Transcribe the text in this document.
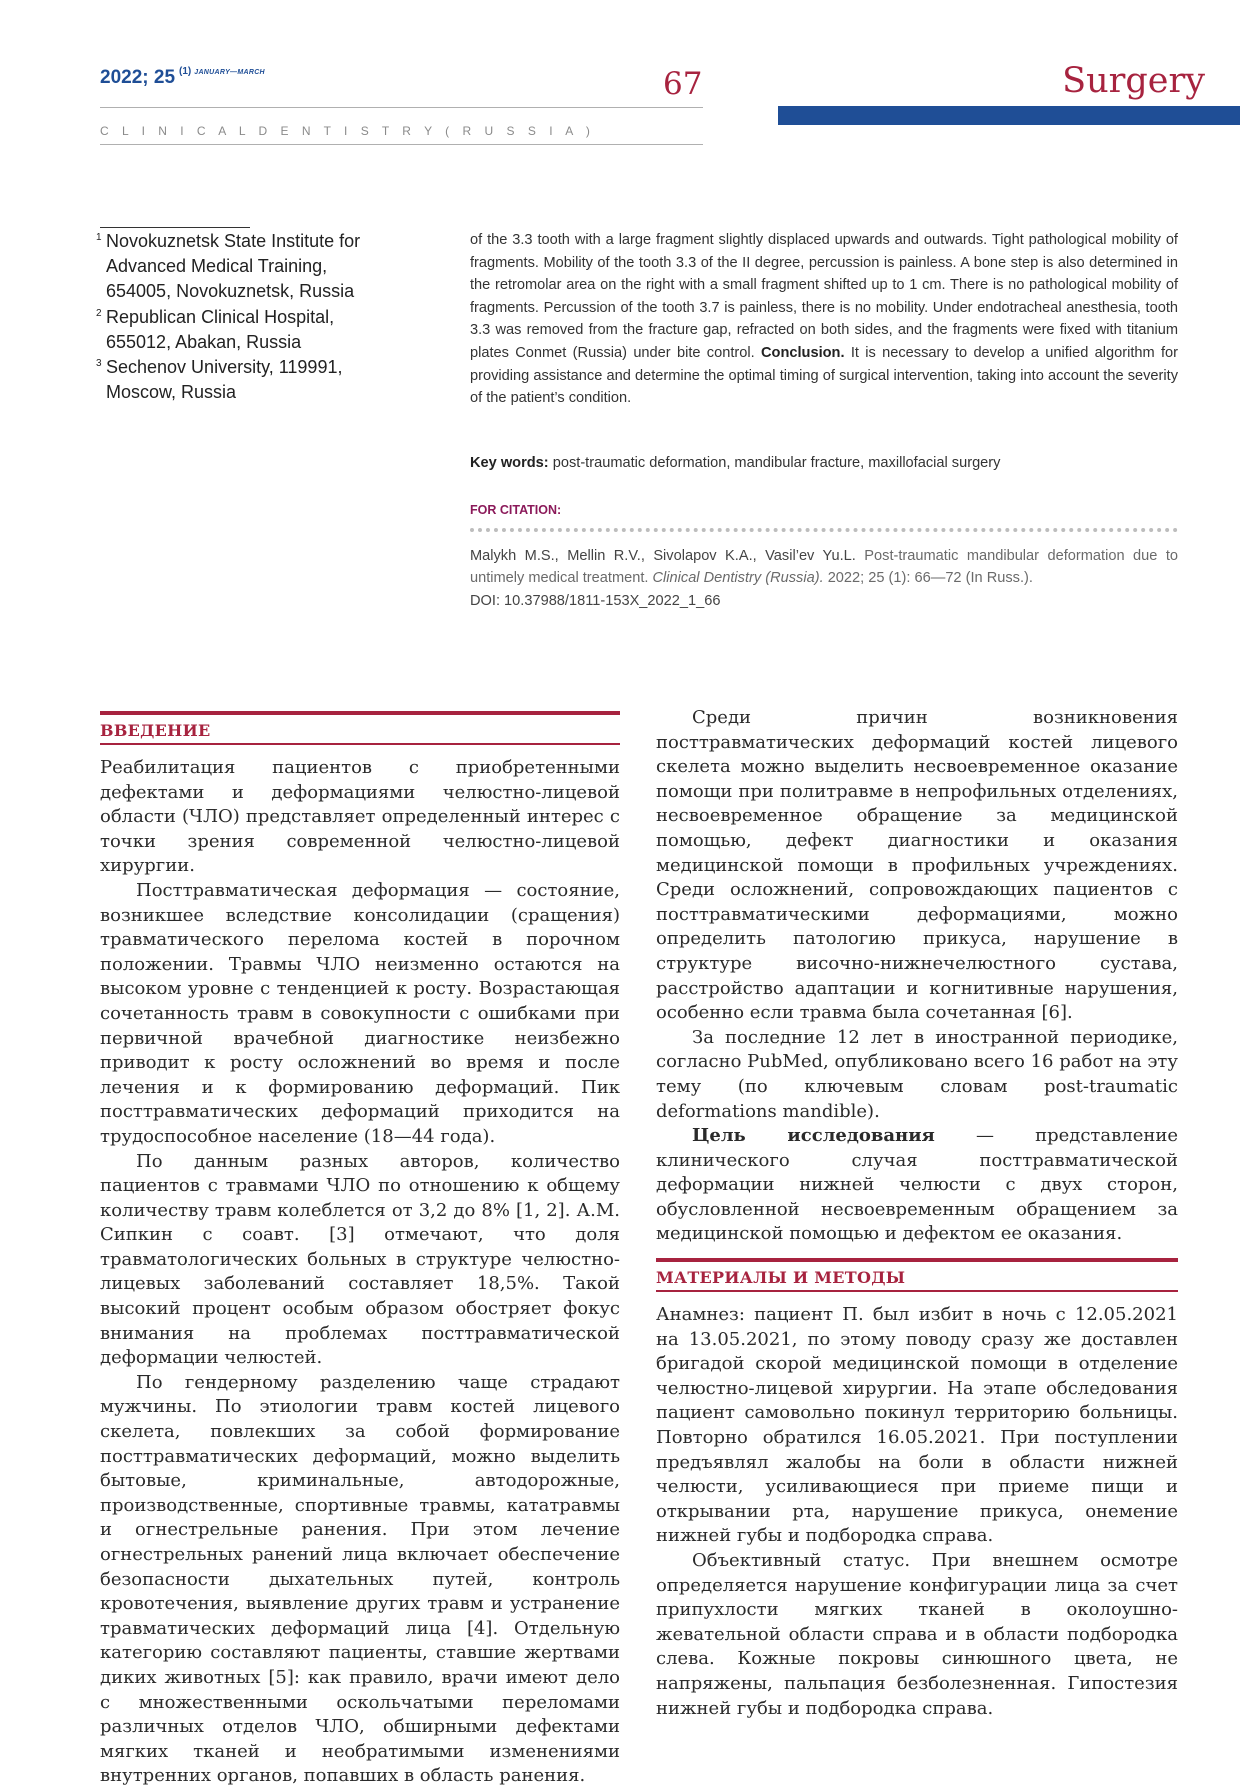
2022; 25 $^{(1)}$ $^{JANUARY—MARCH}$	67
C L I N I C A L D E N T I S T R Y ( R U S S I A )
Surgery
1 Novokuznetsk State Institute for Advanced Medical Training, 654005, Novokuznetsk, Russia
2 Republican Clinical Hospital, 655012, Abakan, Russia
3 Sechenov University, 119991, Moscow, Russia
of the 3.3 tooth with a large fragment slightly displaced upwards and outwards. Tight pathological mobility of fragments. Mobility of the tooth 3.3 of the II degree, percussion is painless. A bone step is also determined in the retromolar area on the right with a small fragment shifted up to 1 cm. There is no pathological mobility of fragments. Percussion of the tooth 3.7 is painless, there is no mobility. Under endotracheal anesthesia, tooth 3.3 was removed from the fracture gap, refracted on both sides, and the fragments were fixed with titanium plates Conmet (Russia) under bite control. Conclusion. It is necessary to develop a unified algorithm for providing assistance and determine the optimal timing of surgical intervention, taking into account the severity of the patient’s condition.
Key words: post-traumatic deformation, mandibular fracture, maxillofacial surgery
FOR CITATION:
Malykh M.S., Mellin R.V., Sivolapov K.A., Vasil’ev Yu.L. Post-traumatic mandibular deformation due to untimely medical treatment. Clinical Dentistry (Russia). 2022; 25 (1): 66—72 (In Russ.).
DOI: 10.37988/1811-153X_2022_1_66
ВВЕДЕНИЕ

Реабилитация пациентов с приобретенными дефектами и деформациями челюстно-лицевой области (ЧЛО) представляет определенный интерес с точки зрения современной челюстно-лицевой хирургии.

Посттравматическая деформация — состояние, возникшее вследствие консолидации (сращения) травматического перелома костей в порочном положении. Травмы ЧЛО неизменно остаются на высоком уровне с тенденцией к росту. Возрастающая сочетанность травм в совокупности с ошибками при первичной врачебной диагностике неизбежно приводит к росту осложнений во время и после лечения и к формированию деформаций. Пик посттравматических деформаций приходится на трудоспособное население (18—44 года).

По данным разных авторов, количество пациентов с травмами ЧЛО по отношению к общему количеству травм колеблется от 3,2 до 8% [1, 2]. А.М. Сипкин с соавт. [3] отмечают, что доля травматологических больных в структуре челюстно-лицевых заболеваний составляет 18,5%. Такой высокий процент особым образом обостряет фокус внимания на проблемах посттравматической деформации челюстей.

По гендерному разделению чаще страдают мужчины. По этиологии травм костей лицевого скелета, повлекших за собой формирование посттравматических деформаций, можно выделить бытовые, криминальные, автодорожные, производственные, спортивные травмы, кататравмы и огнестрельные ранения. При этом лечение огнестрельных ранений лица включает обеспечение безопасности дыхательных путей, контроль кровотечения, выявление других травм и устранение травматических деформаций лица [4]. Отдельную категорию составляют пациенты, ставшие жертвами диких животных [5]: как правило, врачи имеют дело с множественными оскольчатыми переломами различных отделов ЧЛО, обширными дефектами мягких тканей и необратимыми изменениями внутренних органов, попавших в область ранения.

Среди причин возникновения посттравматических деформаций костей лицевого скелета можно выделить несвоевременное оказание помощи при политравме в непрофильных отделениях, несвоевременное обращение за медицинской помощью, дефект диагностики и оказания медицинской помощи в профильных учреждениях. Среди осложнений, сопровождающих пациентов с посттравматическими деформациями, можно определить патологию прикуса, нарушение в структуре височно-нижнечелюстного сустава, расстройство адаптации и когнитивные нарушения, особенно если травма была сочетанная [6].

За последние 12 лет в иностранной периодике, согласно PubMed, опубликовано всего 16 работ на эту тему (по ключевым словам post-traumatic deformations mandible).

Цель исследования — представление клинического случая посттравматической деформации нижней челюсти с двух сторон, обусловленной несвоевременным обращением за медицинской помощью и дефектом ее оказания.

МАТЕРИАЛЫ И МЕТОДЫ

Анамнез: пациент П. был избит в ночь с 12.05.2021 на 13.05.2021, по этому поводу сразу же доставлен бригадой скорой медицинской помощи в отделение челюстно-лицевой хирургии. На этапе обследования пациент самовольно покинул территорию больницы. Повторно обратился 16.05.2021. При поступлении предъявлял жалобы на боли в области нижней челюсти, усиливающиеся при приеме пищи и открывании рта, нарушение прикуса, онемение нижней губы и подбородка справа.

Объективный статус. При внешнем осмотре определяется нарушение конфигурации лица за счет припухлости мягких тканей в околоушно-жевательной области справа и в области подбородка слева. Кожные покровы синюшного цвета, не напряжены, пальпация безболезненная. Гипостезия нижней губы и подбородка справа.
